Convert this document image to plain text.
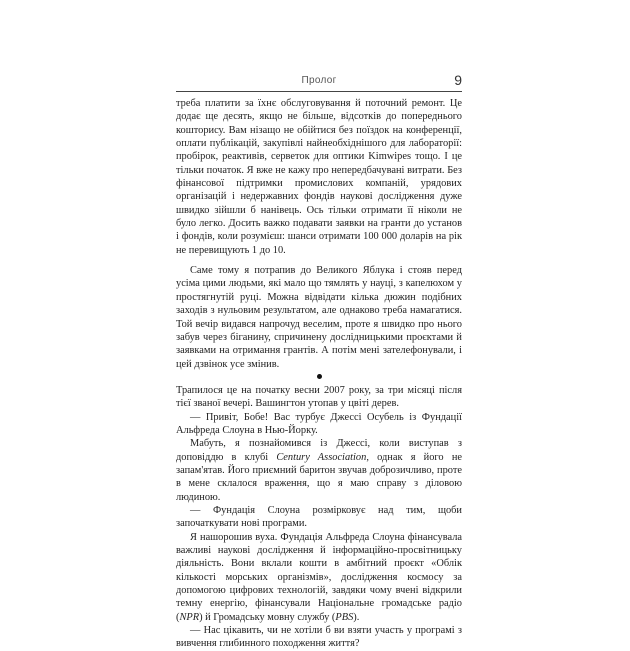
Пролог	9

треба платити за їхнє обслуговування й поточний ремонт. Це додає ще десять, якщо не більше, відсотків до попереднього кошторису. Вам нізащо не обійтися без поїздок на конференції, оплати публікацій, закупівлі найнеобхіднішого для лабораторії: пробірок, реактивів, серветок для оптики Kimwipes тощо. І це тільки початок. Я вже не кажу про непередбачувані витрати. Без фінансової підтримки промислових компаній, урядових організацій і недержавних фондів наукові дослідження дуже швидко зійшли б нанівець. Ось тільки отримати її ніколи не було легко. Досить важко подавати заявки на гранти до установ і фондів, коли розумієш: шанси отримати 100 000 доларів на рік не перевищують 1 до 10.

Саме тому я потрапив до Великого Яблука і стояв перед усіма цими людьми, які мало що тямлять у науці, з капелюхом у простягнутій руці. Можна відвідати кілька дюжин подібних заходів з нульовим результатом, але однаково треба намагатися. Той вечір видався напрочуд веселим, проте я швидко про нього забув через біганину, спричинену дослідницькими проєктами й заявками на отримання грантів. А потім мені зателефонували, і цей дзвінок усе змінив.

Трапилося це на початку весни 2007 року, за три місяці після тієї званої вечері. Вашингтон утопав у цвіті дерев.

— Привіт, Бобе! Вас турбує Джессі Осубель із Фундації Альфреда Слоуна в Нью-Йорку.

Мабуть, я познайомився із Джессі, коли виступав з доповіддю в клубі Century Association, однак я його не запам'ятав. Його приємний баритон звучав доброзичливо, проте в мене склалося враження, що я маю справу з діловою людиною.

— Фундація Слоуна розмірковує над тим, щоби започаткувати нові програми.

Я нашорошив вуха. Фундація Альфреда Слоуна фінансувала важливі наукові дослідження й інформаційно-просвітницьку діяльність. Вони вклали кошти в амбітний проєкт «Облік кількості морських організмів», дослідження космосу за допомогою цифрових технологій, завдяки чому вчені відкрили темну енергію, фінансували Національне громадське радіо (NPR) й Громадську мовну службу (PBS).

— Нас цікавить, чи не хотіли б ви взяти участь у програмі з вивчення глибинного походження життя?
